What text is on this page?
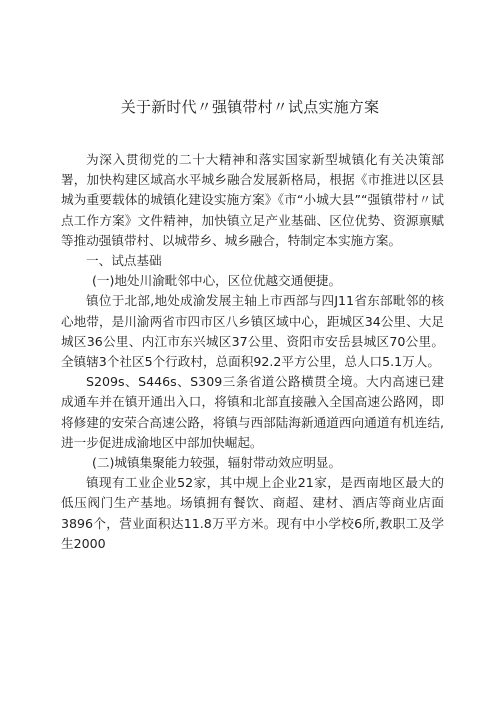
关于新时代〃强镇带村〃试点实施方案

为深入贯彻党的二十大精神和落实国家新型城镇化有关决策部署，加快构建区域高水平城乡融合发展新格局，根据《市推进以区县城为重要载体的城镇化建设实施方案》《市“小城大县”“强镇带村〃试点工作方案》文件精神，加快镇立足产业基础、区位优势、资源禀赋等推动强镇带村、以城带乡、城乡融合，特制定本实施方案。

一、试点基础

(一)地处川渝毗邻中心，区位优越交通便捷。

镇位于北部,地处成渝发展主轴上市西部与四J11省东部毗邻的核心地带，是川渝两省市四市区八乡镇区域中心，距城区34公里、大足城区36公里、内江市东兴城区37公里、资阳市安岳县城区70公里。全镇辖3个社区5个行政村，总面积92.2平方公里，总人口5.1万人。

S209s、S446s、S309三条省道公路横贯全境。大内高速已建成通车并在镇开通出入口，将镇和北部直接融入全国高速公路网，即将修建的安荣合高速公路，将镇与西部陆海新通道西向通道有机连结,进一步促进成渝地区中部加快崛起。

(二)城镇集聚能力较强，辐射带动效应明显。

镇现有工业企业52家，其中规上企业21家，是西南地区最大的低压阀门生产基地。场镇拥有餐饮、商超、建材、酒店等商业店面3896个，营业面积达11.8万平方米。现有中小学校6所,教职工及学生2000
